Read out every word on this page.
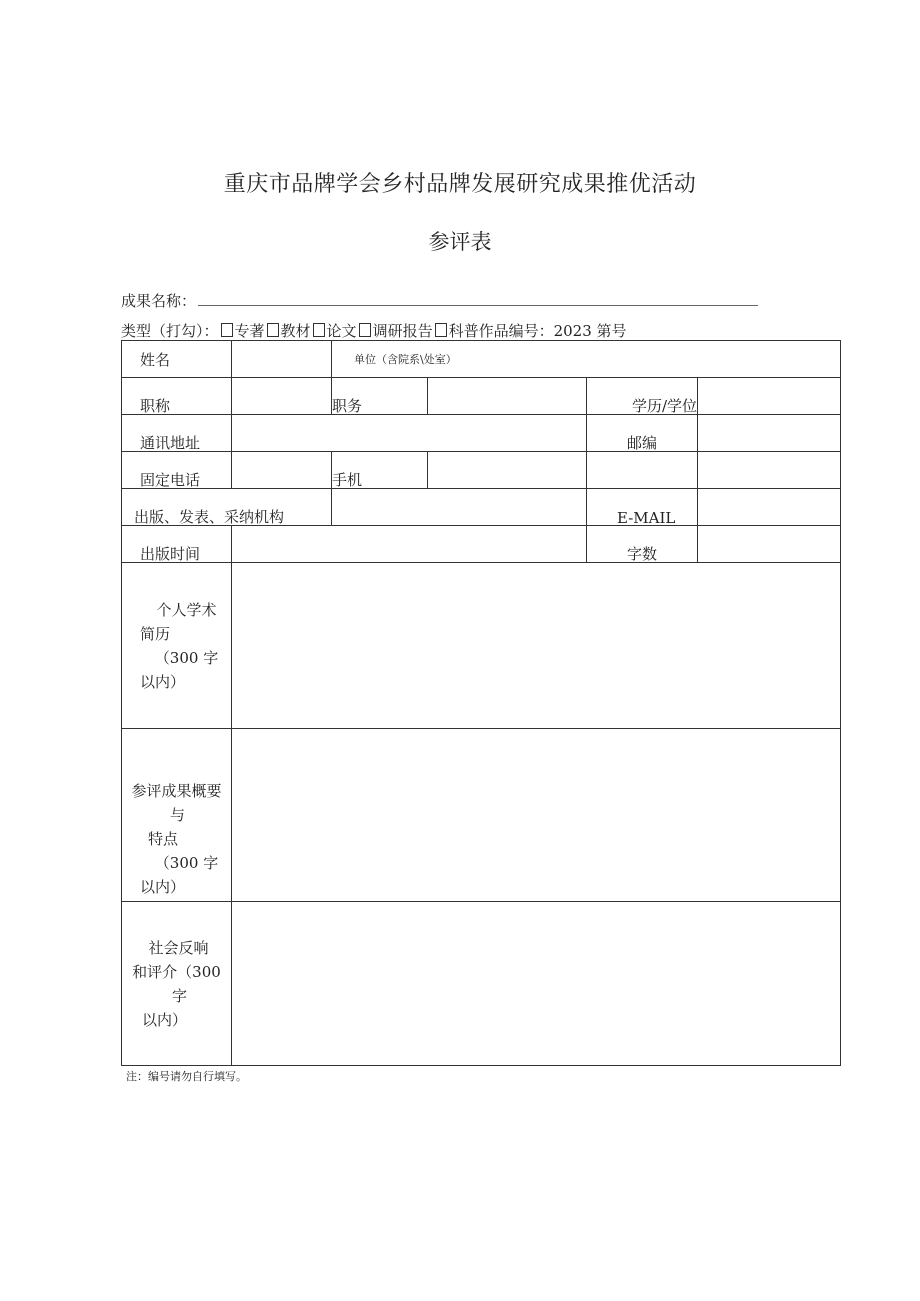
重庆市品牌学会乡村品牌发展研究成果推优活动
参评表
成果名称：
类型（打勾）： 专著 教材 论文 调研报告 科普作品编号：2023 第号
姓名		单位（含院系\处室）			

职称		职务		学历/学位	

通讯地址				邮编	

固定电话		手机			

出版、发表、采纳机构				E-MAIL	

出版时间				字数	

个人学术
简历
（300 字
以内）					

参评成果概要
与
特点
（300 字
以内）					

社会反响
和评介（300
字
以内）					

注：编号请勿自行填写。
